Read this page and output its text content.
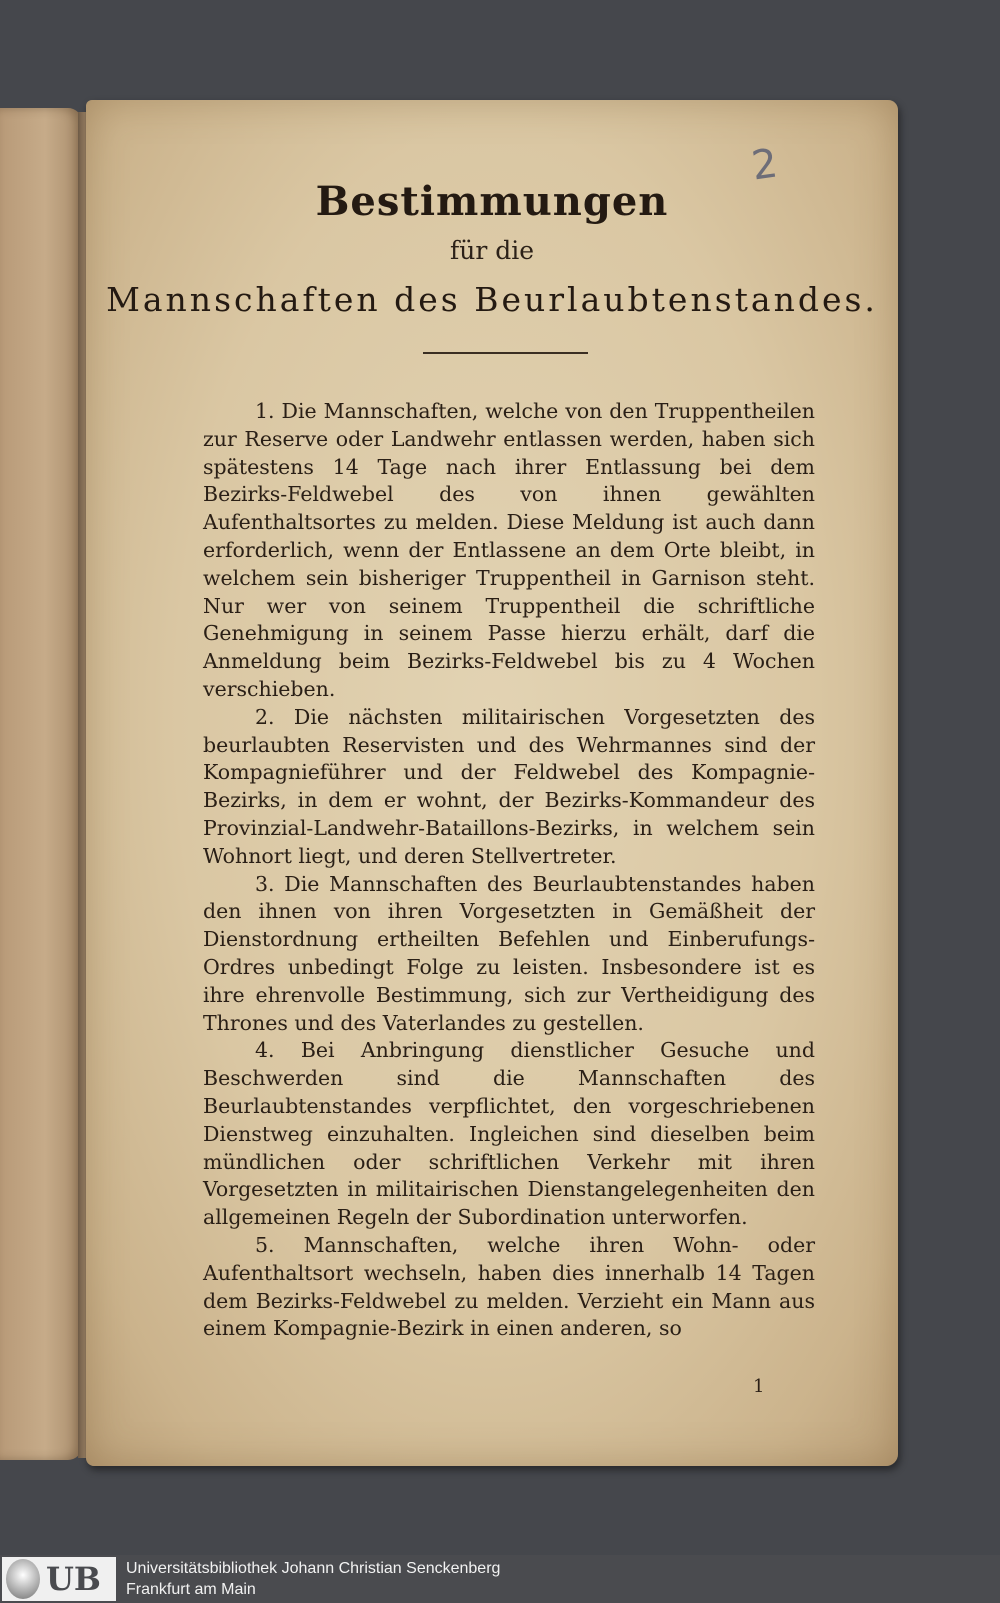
2
Bestimmungen
für die
Mannschaften des Beurlaubtenstandes.

1. Die Mannschaften, welche von den Truppentheilen zur Reserve oder Landwehr entlassen werden, haben sich spätestens 14 Tage nach ihrer Entlassung bei dem Bezirks-Feldwebel des von ihnen gewählten Aufenthaltsortes zu melden. Diese Meldung ist auch dann erforderlich, wenn der Entlassene an dem Orte bleibt, in welchem sein bisheriger Truppentheil in Garnison steht. Nur wer von seinem Truppentheil die schriftliche Genehmigung in seinem Passe hierzu erhält, darf die Anmeldung beim Bezirks-Feldwebel bis zu 4 Wochen verschieben.

2. Die nächsten militairischen Vorgesetzten des beurlaubten Reservisten und des Wehrmannes sind der Kompagnieführer und der Feldwebel des Kompagnie-Bezirks, in dem er wohnt, der Bezirks-Kommandeur des Provinzial-Landwehr-Bataillons-Bezirks, in welchem sein Wohnort liegt, und deren Stellvertreter.

3. Die Mannschaften des Beurlaubtenstandes haben den ihnen von ihren Vorgesetzten in Gemäßheit der Dienstordnung ertheilten Befehlen und Einberufungs-Ordres unbedingt Folge zu leisten. Insbesondere ist es ihre ehrenvolle Bestimmung, sich zur Vertheidigung des Thrones und des Vaterlandes zu gestellen.

4. Bei Anbringung dienstlicher Gesuche und Beschwerden sind die Mannschaften des Beurlaubtenstandes verpflichtet, den vorgeschriebenen Dienstweg einzuhalten. Ingleichen sind dieselben beim mündlichen oder schriftlichen Verkehr mit ihren Vorgesetzten in militairischen Dienstangelegenheiten den allgemeinen Regeln der Subordination unterworfen.

5. Mannschaften, welche ihren Wohn- oder Aufenthaltsort wechseln, haben dies innerhalb 14 Tagen dem Bezirks-Feldwebel zu melden. Verzieht ein Mann aus einem Kompagnie-Bezirk in einen anderen, so

1
UB Universitätsbibliothek Johann Christian Senckenberg
Frankfurt am Main
